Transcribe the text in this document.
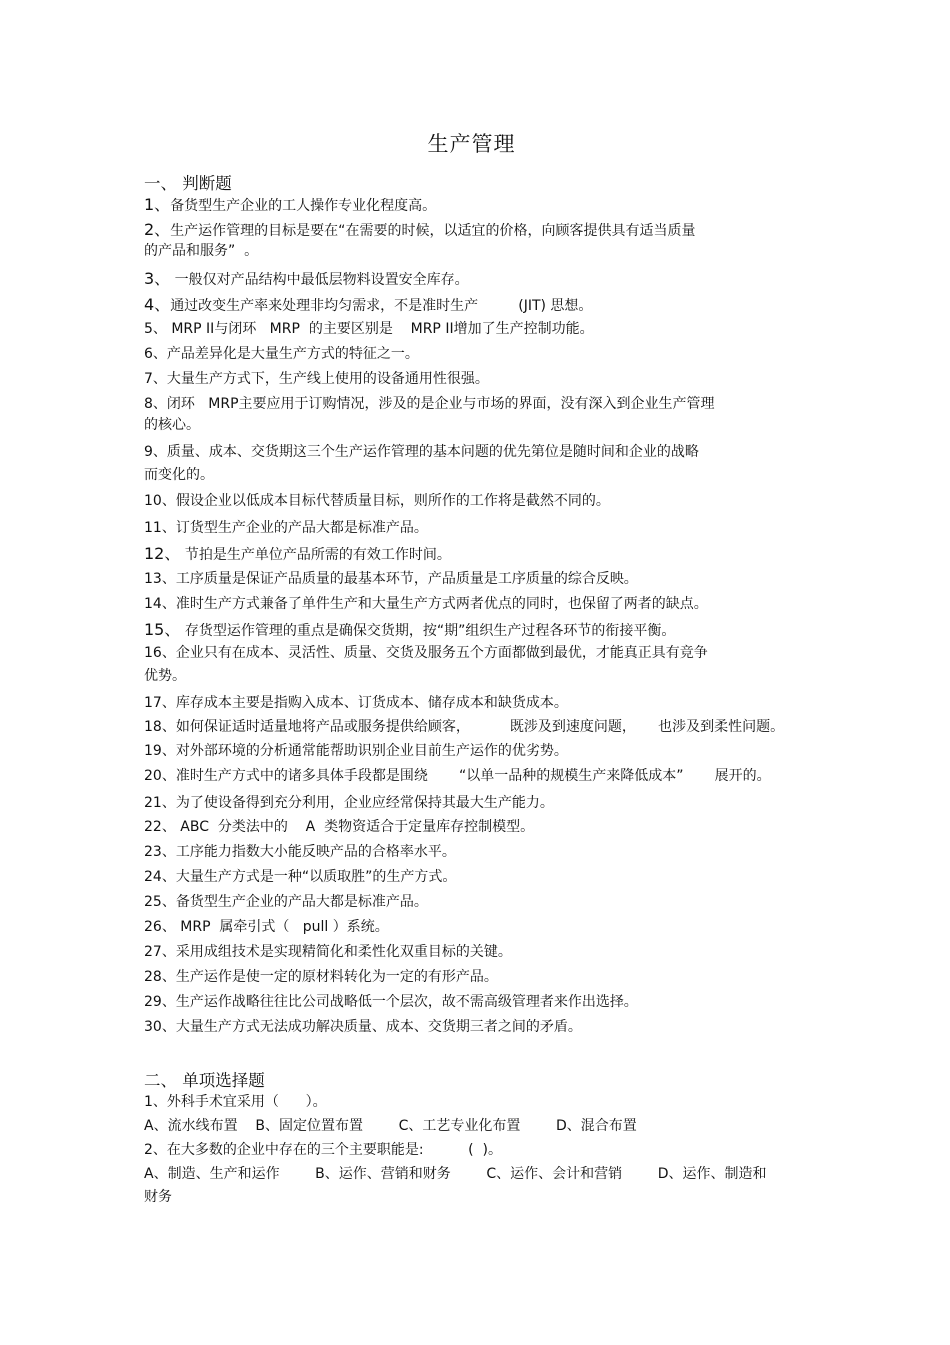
生产管理
一、 判断题
1、备货型生产企业的工人操作专业化程度高。
2、生产运作管理的目标是要在“在需要的时候，以适宜的价格，向顾客提供具有适当质量
的产品和服务”  。
3、 一般仅对产品结构中最低层物料设置安全库存。
4、通过改变生产率来处理非均匀需求，不是准时生产         (JIT) 思想。
5、 MRP II与闭环   MRP  的主要区别是    MRP II增加了生产控制功能。
6、产品差异化是大量生产方式的特征之一。
7、大量生产方式下，生产线上使用的设备通用性很强。
8、闭环   MRP主要应用于订购情况，涉及的是企业与市场的界面，没有深入到企业生产管理
的核心。
9、质量、成本、交货期这三个生产运作管理的基本问题的优先第位是随时间和企业的战略
而变化的。
10、假设企业以低成本目标代替质量目标，则所作的工作将是截然不同的。
11、订货型生产企业的产品大都是标准产品。
12、 节拍是生产单位产品所需的有效工作时间。
13、工序质量是保证产品质量的最基本环节，产品质量是工序质量的综合反映。
14、准时生产方式兼备了单件生产和大量生产方式两者优点的同时，也保留了两者的缺点。
15、 存货型运作管理的重点是确保交货期，按“期”组织生产过程各环节的衔接平衡。
16、企业只有在成本、灵活性、质量、交货及服务五个方面都做到最优，才能真正具有竞争
优势。
17、库存成本主要是指购入成本、订货成本、储存成本和缺货成本。
18、如何保证适时适量地将产品或服务提供给顾客，         既涉及到速度问题，     也涉及到柔性问题。
19、对外部环境的分析通常能帮助识别企业目前生产运作的优劣势。
20、准时生产方式中的诸多具体手段都是围绕       “以单一品种的规模生产来降低成本”       展开的。
21、为了使设备得到充分利用，企业应经常保持其最大生产能力。
22、 ABC  分类法中的    A  类物资适合于定量库存控制模型。
23、工序能力指数大小能反映产品的合格率水平。
24、大量生产方式是一种“以质取胜”的生产方式。
25、备货型生产企业的产品大都是标准产品。
26、 MRP  属牵引式（   pull ）系统。
27、采用成组技术是实现精简化和柔性化双重目标的关键。
28、生产运作是使一定的原材料转化为一定的有形产品。
29、生产运作战略往往比公司战略低一个层次，故不需高级管理者来作出选择。
30、大量生产方式无法成功解决质量、成本、交货期三者之间的矛盾。
二、 单项选择题
1、外科手术宜采用（      ）。
A、流水线布置    B、固定位置布置        C、工艺专业化布置        D、混合布置
2、在大多数的企业中存在的三个主要职能是:          (  )。
A、制造、生产和运作        B、运作、营销和财务        C、运作、会计和营销        D、运作、制造和
财务
